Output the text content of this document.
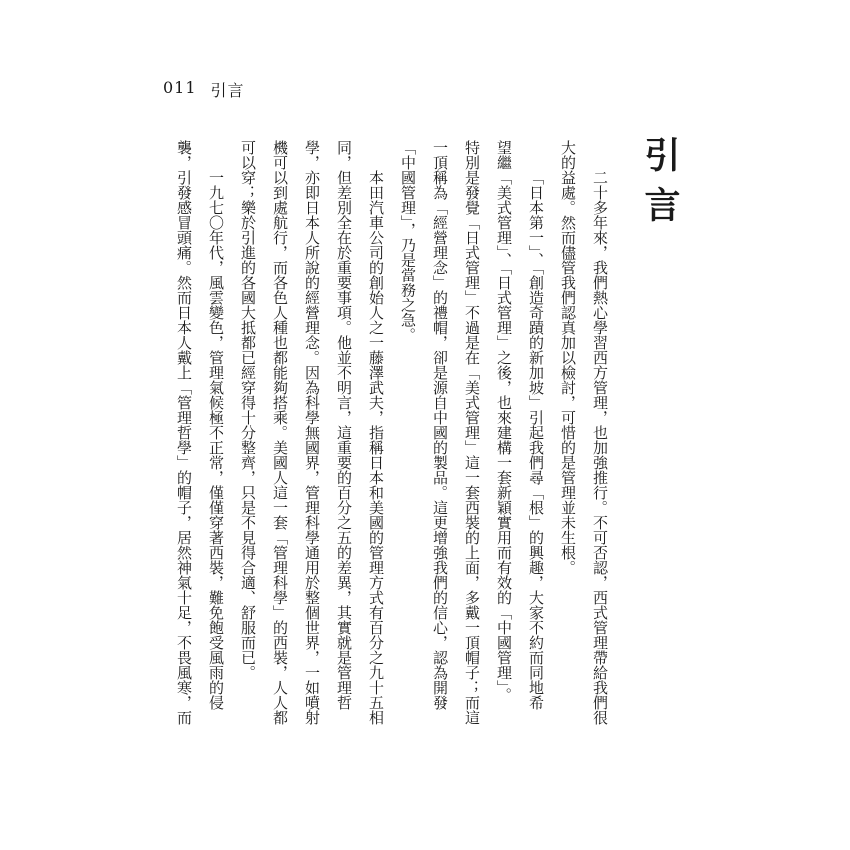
011 引言
引言
二十多年來，我們熱心學習西方管理，也加強推行。不可否認，西式管理帶給我們很
大的益處。然而儘管我們認真加以檢討，可惜的是管理並未生根。
「日本第一」、「創造奇蹟的新加坡」引起我們尋「根」的興趣，大家不約而同地希
望繼「美式管理」、「日式管理」之後，也來建構一套新穎實用而有效的「中國管理」。
特別是發覺「日式管理」不過是在「美式管理」這一套西裝的上面，多戴一頂帽子；而這
一頂稱為「經營理念」的禮帽，卻是源自中國的製品。這更增強我們的信心，認為開發
「中國管理」，乃是當務之急。
本田汽車公司的創始人之一藤澤武夫，指稱日本和美國的管理方式有百分之九十五相
同，但差別全在於重要事項。他並不明言，這重要的百分之五的差異，其實就是管理哲
學，亦即日本人所說的經營理念。因為科學無國界，管理科學通用於整個世界，一如噴射
機可以到處航行，而各色人種也都能夠搭乘。美國人這一套「管理科學」的西裝，人人都
可以穿；樂於引進的各國大抵都已經穿得十分整齊，只是不見得合適、舒服而已。
一九七〇年代，風雲變色，管理氣候極不正常，僅僅穿著西裝，難免飽受風雨的侵
襲，引發感冒頭痛。然而日本人戴上「管理哲學」的帽子，居然神氣十足，不畏風寒，而
